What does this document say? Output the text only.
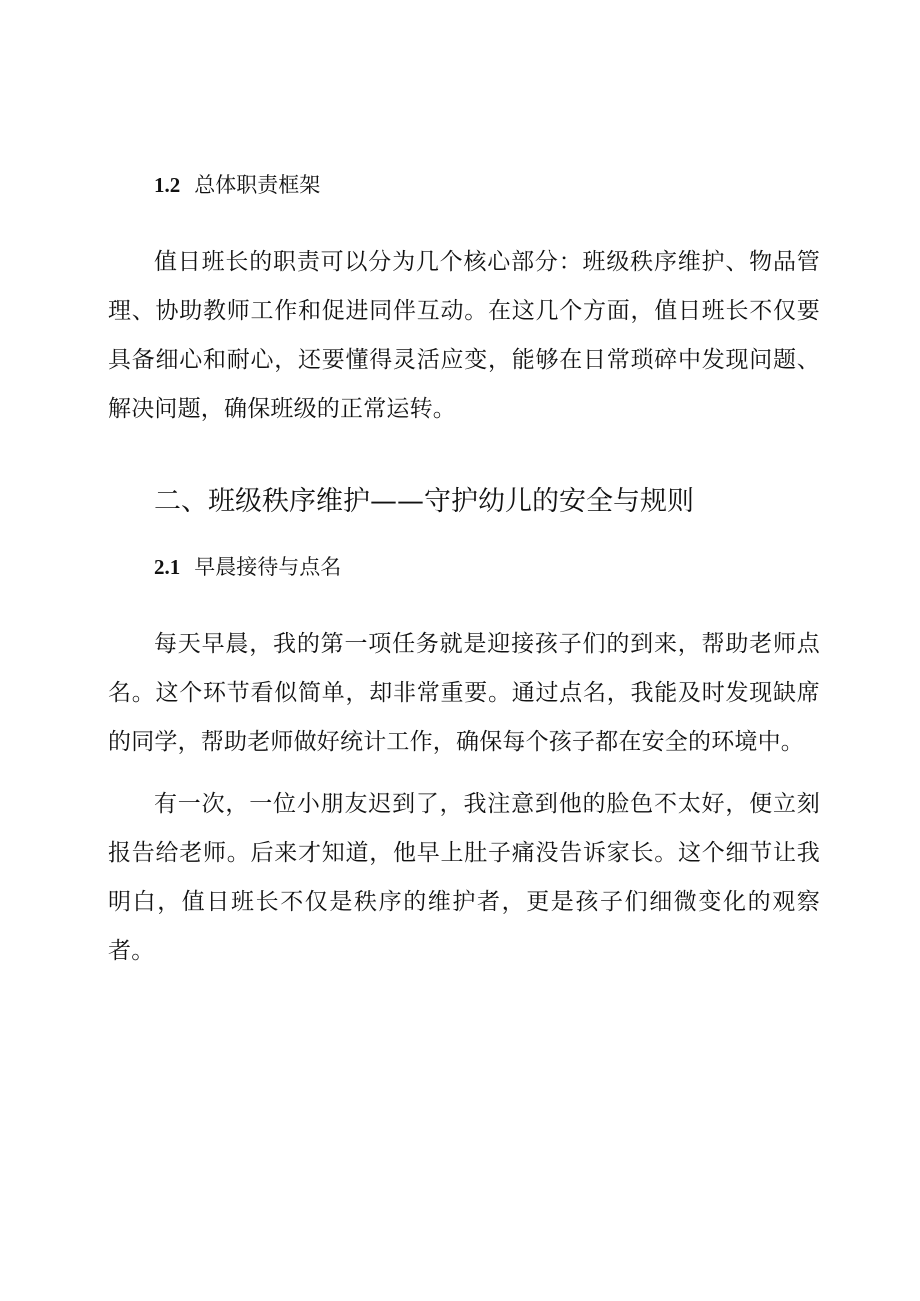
1.2 总体职责框架

值日班长的职责可以分为几个核心部分：班级秩序维护、物品管理、协助教师工作和促进同伴互动。在这几个方面，值日班长不仅要具备细心和耐心，还要懂得灵活应变，能够在日常琐碎中发现问题、解决问题，确保班级的正常运转。

二、班级秩序维护——守护幼儿的安全与规则
2.1 早晨接待与点名

每天早晨，我的第一项任务就是迎接孩子们的到来，帮助老师点名。这个环节看似简单，却非常重要。通过点名，我能及时发现缺席的同学，帮助老师做好统计工作，确保每个孩子都在安全的环境中。

有一次，一位小朋友迟到了，我注意到他的脸色不太好，便立刻报告给老师。后来才知道，他早上肚子痛没告诉家长。这个细节让我明白，值日班长不仅是秩序的维护者，更是孩子们细微变化的观察者。
